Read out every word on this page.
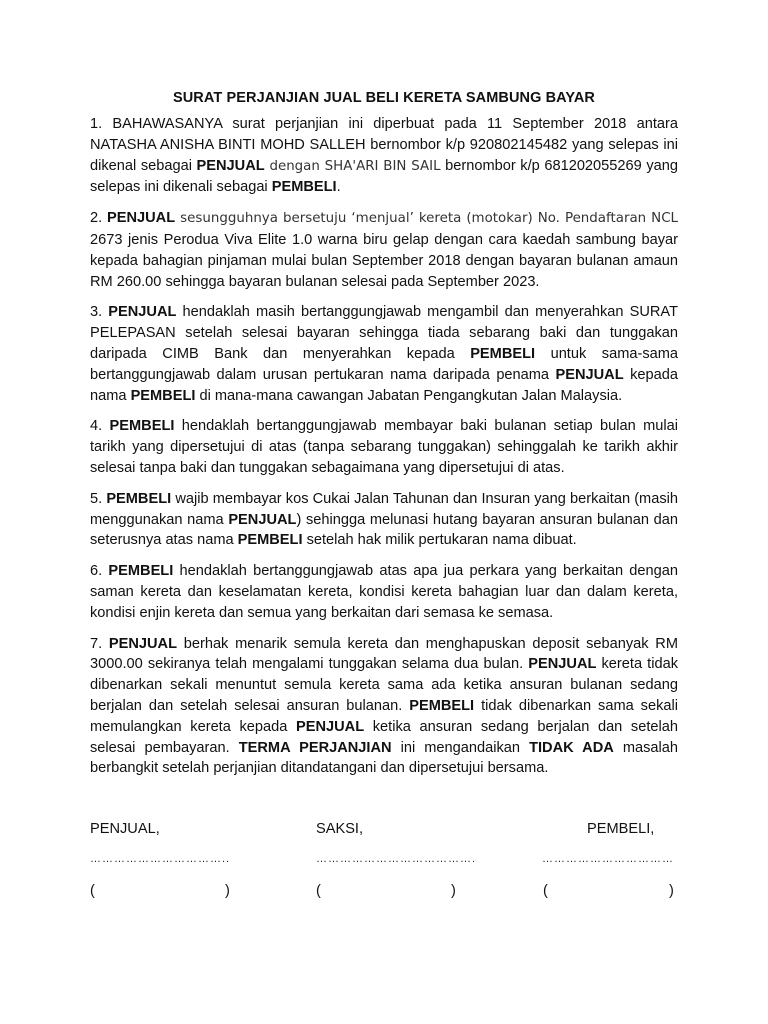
SURAT PERJANJIAN JUAL BELI KERETA SAMBUNG BAYAR

1. BAHAWASANYA surat perjanjian ini diperbuat pada 11 September 2018 antara NATASHA ANISHA BINTI MOHD SALLEH bernombor k/p 920802145482 yang selepas ini dikenal sebagai PENJUAL dengan SHA'ARI BIN SAIL bernombor k/p 681202055269 yang selepas ini dikenali sebagai PEMBELI.

2. PENJUAL sesungguhnya bersetuju ‘menjual’ kereta (motokar) No. Pendaftaran NCL 2673 jenis Perodua Viva Elite 1.0 warna biru gelap dengan cara kaedah sambung bayar kepada bahagian pinjaman mulai bulan September 2018 dengan bayaran bulanan amaun RM 260.00 sehingga bayaran bulanan selesai pada September 2023.

3. PENJUAL hendaklah masih bertanggungjawab mengambil dan menyerahkan SURAT PELEPASAN setelah selesai bayaran sehingga tiada sebarang baki dan tunggakan daripada CIMB Bank dan menyerahkan kepada PEMBELI untuk sama-sama bertanggungjawab dalam urusan pertukaran nama daripada penama PENJUAL kepada nama PEMBELI di mana-mana cawangan Jabatan Pengangkutan Jalan Malaysia.

4. PEMBELI hendaklah bertanggungjawab membayar baki bulanan setiap bulan mulai tarikh yang dipersetujui di atas (tanpa sebarang tunggakan) sehinggalah ke tarikh akhir selesai tanpa baki dan tunggakan sebagaimana yang dipersetujui di atas.

5. PEMBELI wajib membayar kos Cukai Jalan Tahunan dan Insuran yang berkaitan (masih menggunakan nama PENJUAL) sehingga melunasi hutang bayaran ansuran bulanan dan seterusnya atas nama PEMBELI setelah hak milik pertukaran nama dibuat.

6. PEMBELI hendaklah bertanggungjawab atas apa jua perkara yang berkaitan dengan saman kereta dan keselamatan kereta, kondisi kereta bahagian luar dan dalam kereta, kondisi enjin kereta dan semua yang berkaitan dari semasa ke semasa.

7. PENJUAL berhak menarik semula kereta dan menghapuskan deposit sebanyak RM 3000.00 sekiranya telah mengalami tunggakan selama dua bulan. PENJUAL kereta tidak dibenarkan sekali menuntut semula kereta sama ada ketika ansuran bulanan sedang berjalan dan setelah selesai ansuran bulanan. PEMBELI tidak dibenarkan sama sekali memulangkan kereta kepada PENJUAL ketika ansuran sedang berjalan dan setelah selesai pembayaran. TERMA PERJANJIAN ini mengandaikan TIDAK ADA masalah berbangkit setelah perjanjian ditandatangani dan dipersetujui bersama.

PENJUAL,	SAKSI,	PEMBELI,
……………………………..	………………………………….	……………………………
(	)	(	)	(	)
